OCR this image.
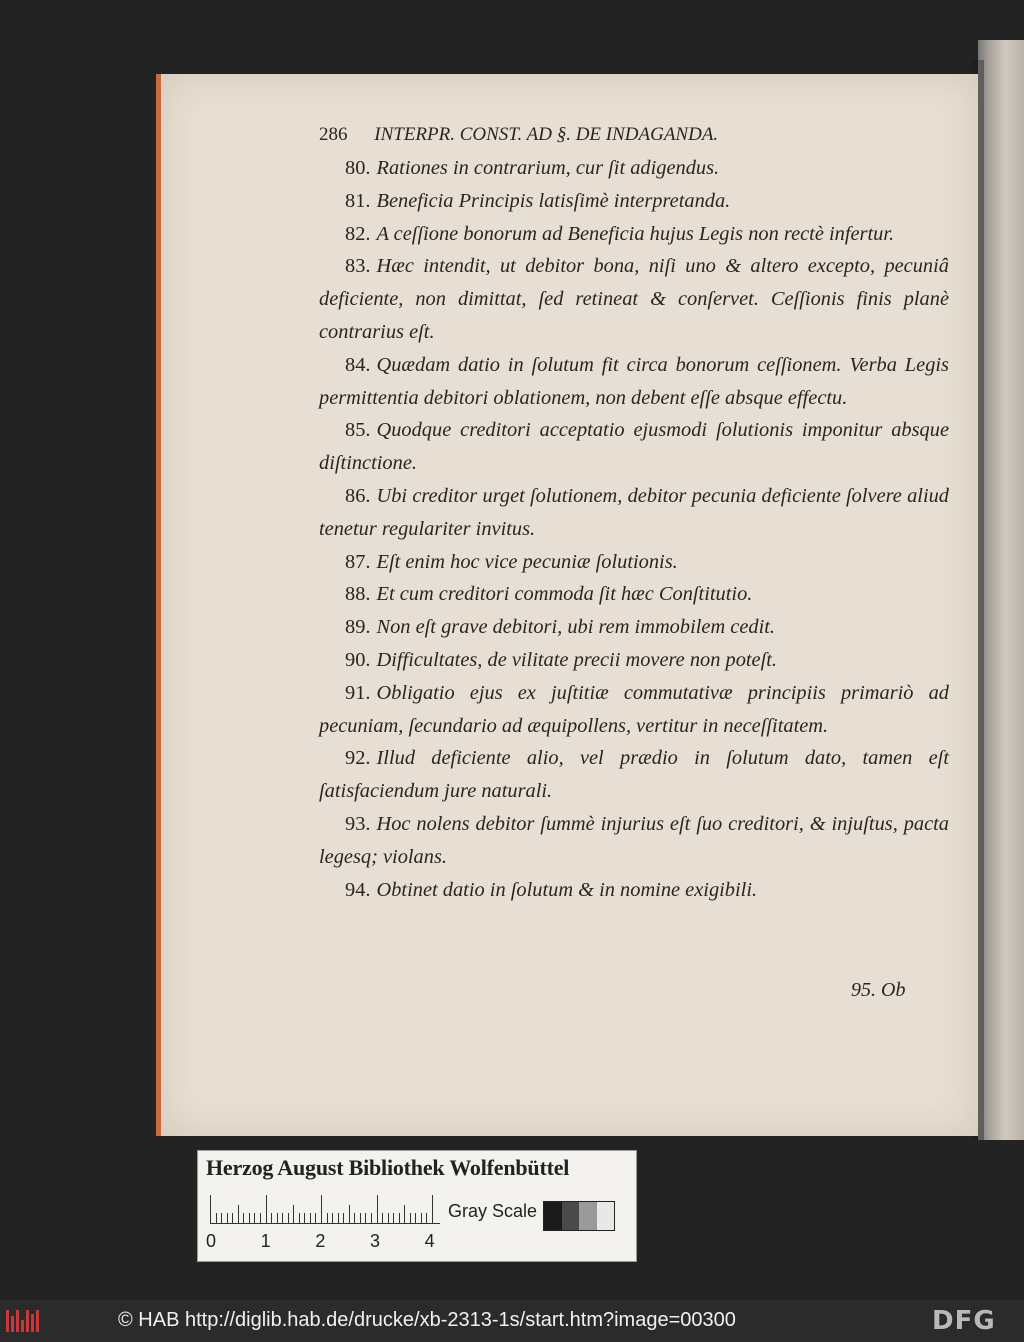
286 INTERPR. CONST. AD §. DE INDAGANDA.

80. Rationes in contrarium, cur ſit adigendus.

81. Beneficia Principis latisſimè interpretanda.

82. A ceſſione bonorum ad Beneficia hujus Legis non rectè infertur.

83. Hæc intendit, ut debitor bona, niſi uno & altero excepto, pecuniâ deficiente, non dimittat, ſed retineat & conſervet. Ceſſionis finis planè contrarius eſt.

84. Quædam datio in ſolutum fit circa bonorum ceſſionem. Verba Legis permittentia debitori oblationem, non debent eſſe absque effectu.

85. Quodque creditori acceptatio ejusmodi ſolutionis imponitur absque diſtinctione.

86. Ubi creditor urget ſolutionem, debitor pecunia deficiente ſolvere aliud tenetur regulariter invitus.

87. Eſt enim hoc vice pecuniæ ſolutionis.

88. Et cum creditori commoda ſit hæc Conſtitutio.

89. Non eſt grave debitori, ubi rem immobilem cedit.

90. Difficultates, de vilitate precii movere non poteſt.

91. Obligatio ejus ex juſtitiæ commutativæ principiis primariò ad pecuniam, ſecundario ad æquipollens, vertitur in neceſſitatem.

92. Illud deficiente alio, vel prædio in ſolutum dato, tamen eſt ſatisfaciendum jure naturali.

93. Hoc nolens debitor ſummè injurius eſt ſuo creditori, & injuſtus, pacta legesq; violans.

94. Obtinet datio in ſolutum & in nomine exigibili.

95. Ob
Herzog August Bibliothek Wolfenbüttel
0 1 2 3 4
Gray Scale
© HAB http://diglib.hab.de/drucke/xb-2313-1s/start.htm?image=00300	DFG
